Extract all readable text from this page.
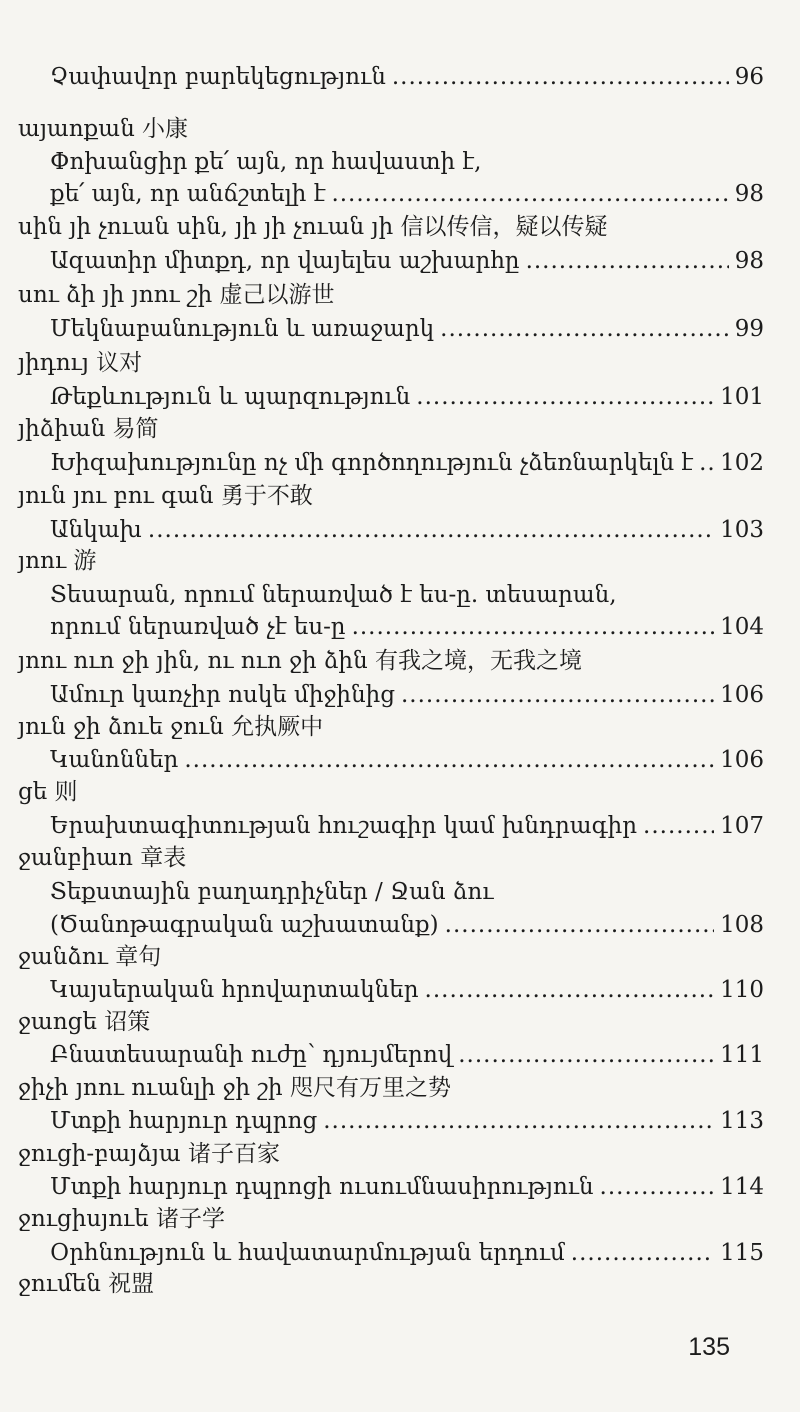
Չափավոր բարեկեցություն .....	96
այաոքան 小康
Փոխանցիր քե՛ այն, որ հավաստի է,
քե՛ այն, որ անճշտելի է .....	98
սին յի չուան սին, յի յի չուան յի 信以传信，疑以传疑
Ազատիր միտքդ, որ վայելես աշխարհը .....	98
սու ձի յի յոու շի 虚己以游世
Մեկնաբանություն և առաջարկ .....	99
յիդույ 议对
Թեքևություն և պարզություն .....	101
յիձիան 易简
Խիզախությունը ոչ մի գործողություն չձեռնարկելն է ..... 102
յուն յու բու գան 勇于不敢
Անկախ .....	103
յոու 游
Տեսարան, որում ներառված է ես-ը. տեսարան,
որում ներառված չէ ես-ը .....	104
յոու ուո ջի յին, ու ուո ջի ձին 有我之境，无我之境
Ամուր կառչիր ոսկե միջինից .....	106
յուն ջի ձուե ջուն 允执厥中
Կանոններ .....	106
ցե 则
Երախտագիտության հուշագիր կամ խնդրագիր .....	107
ջանբիաո 章表
Տեքստային բաղադրիչներ / Ջան ձու
(Ծանոթագրական աշխատանք) .....	108
ջանձու 章句
Կայսերական հրովարտակներ .....	110
ջաոցե 诏策
Բնատեսարանի ուժը՝ դյույմերով .....	111
ջիչի յոու ուանլի ջի շի 咫尺有万里之势
Մտքի հարյուր դպրոց .....	113
ջուցի-բայձյա 诸子百家
Մտքի հարյուր դպրոցի ուսումնասիրություն .....	114
ջուցիսյուե 诸子学
Օրհնություն և հավատարմության երդում .....	115
ջումեն 祝盟
135
